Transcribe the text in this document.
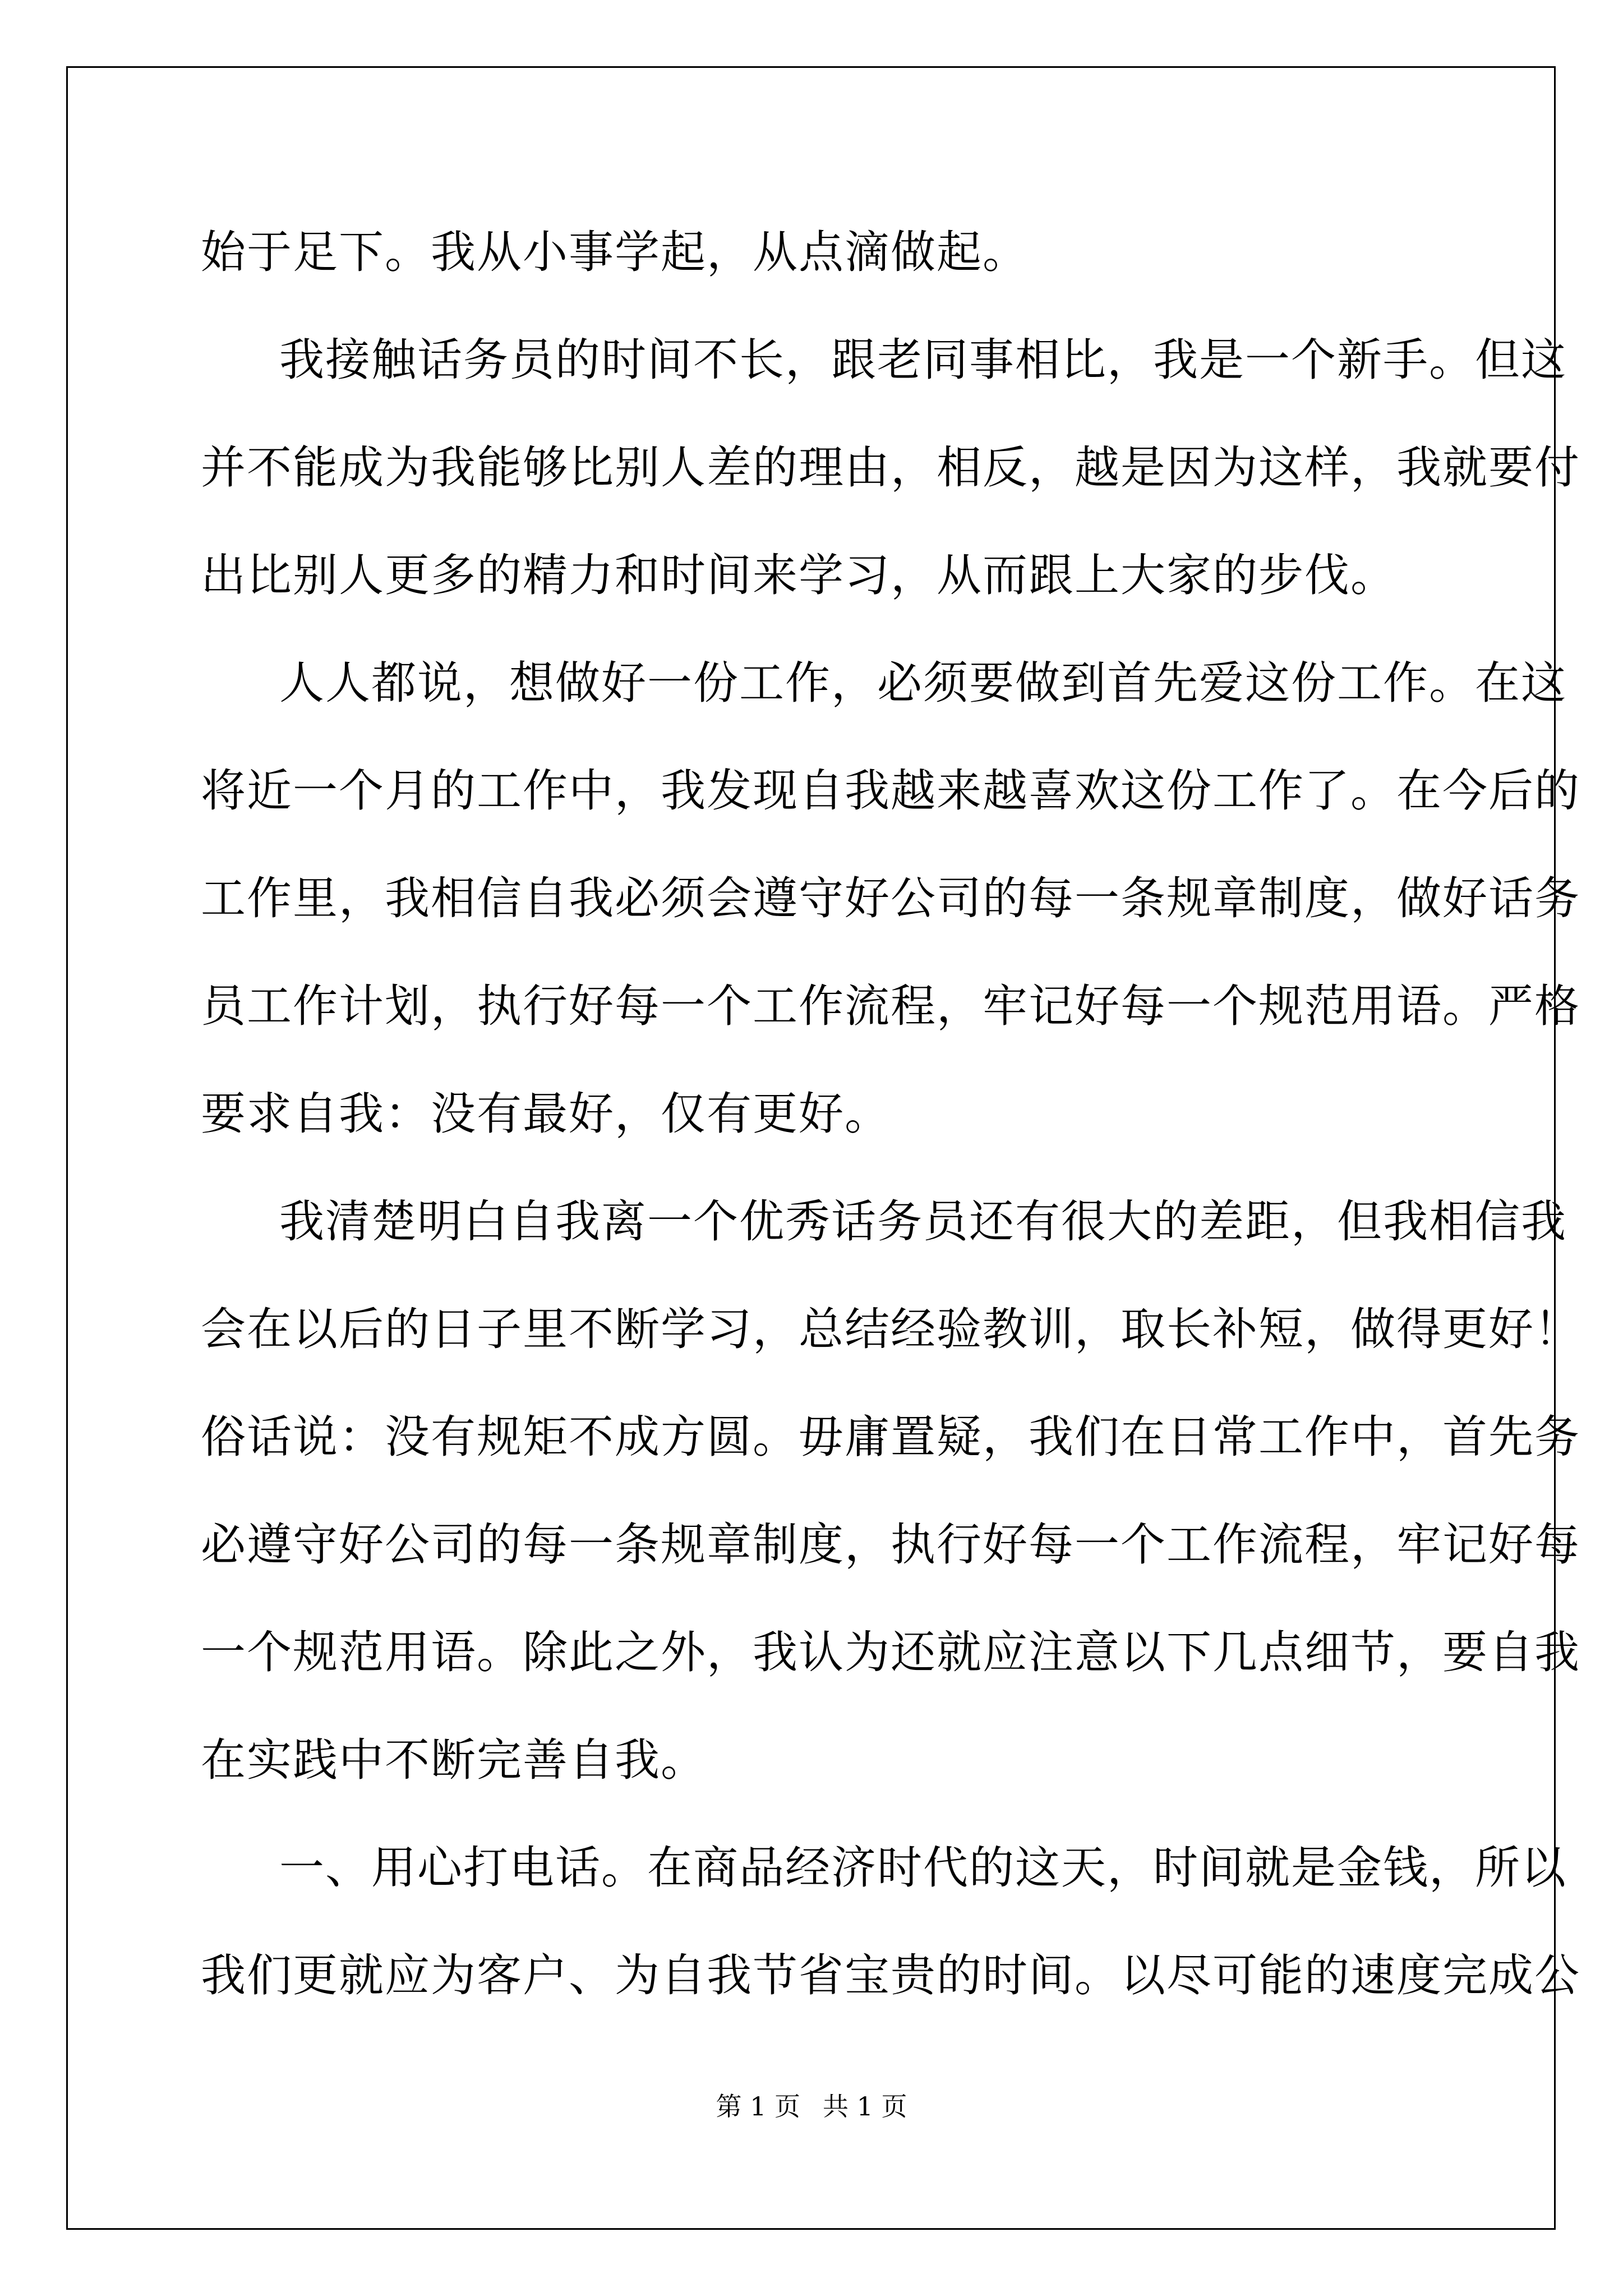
始于足下。我从小事学起，从点滴做起。
我接触话务员的时间不长，跟老同事相比，我是一个新手。但这
并不能成为我能够比别人差的理由，相反，越是因为这样，我就要付
出比别人更多的精力和时间来学习，从而跟上大家的步伐。
人人都说，想做好一份工作，必须要做到首先爱这份工作。在这
将近一个月的工作中，我发现自我越来越喜欢这份工作了。在今后的
工作里，我相信自我必须会遵守好公司的每一条规章制度，做好话务
员工作计划，执行好每一个工作流程，牢记好每一个规范用语。严格
要求自我：没有最好，仅有更好。
我清楚明白自我离一个优秀话务员还有很大的差距，但我相信我
会在以后的日子里不断学习，总结经验教训，取长补短，做得更好！
俗话说：没有规矩不成方圆。毋庸置疑，我们在日常工作中，首先务
必遵守好公司的每一条规章制度，执行好每一个工作流程，牢记好每
一个规范用语。除此之外，我认为还就应注意以下几点细节，要自我
在实践中不断完善自我。
一、用心打电话。在商品经济时代的这天，时间就是金钱，所以
我们更就应为客户、为自我节省宝贵的时间。以尽可能的速度完成公
第 1 页 共 1 页
